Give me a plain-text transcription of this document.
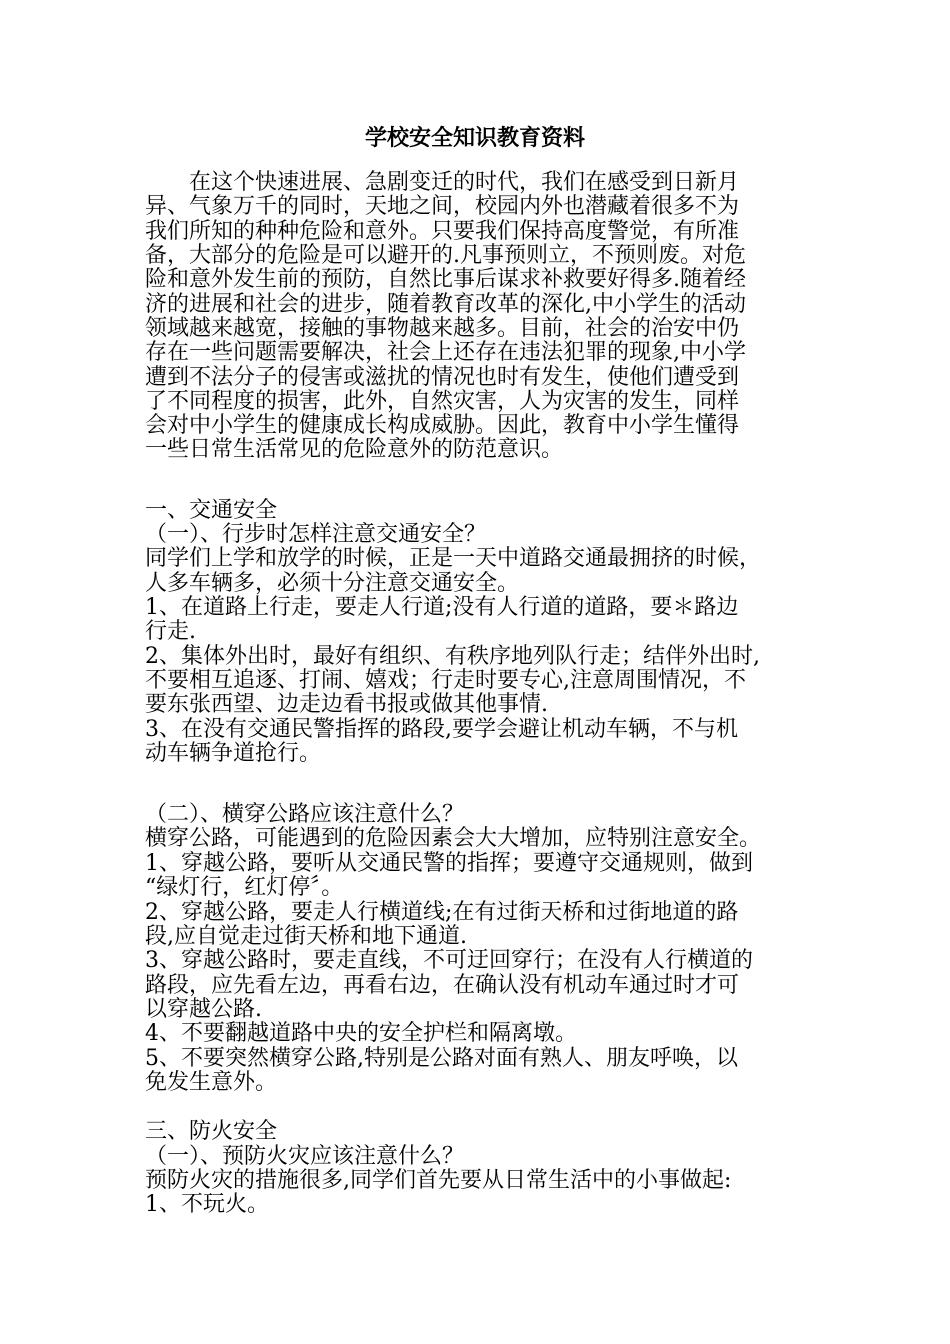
学校安全知识教育资料

　　在这个快速进展、急剧变迁的时代，我们在感受到日新月

异、气象万千的同时，天地之间，校园内外也潜藏着很多不为

我们所知的种种危险和意外。只要我们保持高度警觉，有所准

备，大部分的危险是可以避开的.凡事预则立，不预则废。对危

险和意外发生前的预防，自然比事后谋求补救要好得多.随着经

济的进展和社会的进步，随着教育改革的深化,中小学生的活动

领域越来越宽，接触的事物越来越多。目前，社会的治安中仍

存在一些问题需要解决，社会上还存在违法犯罪的现象,中小学

遭到不法分子的侵害或滋扰的情况也时有发生，使他们遭受到

了不同程度的损害，此外，自然灾害，人为灾害的发生，同样

会对中小学生的健康成长构成威胁。因此，教育中小学生懂得

一些日常生活常见的危险意外的防范意识。

一、交通安全

（一）、行步时怎样注意交通安全？

同学们上学和放学的时候，正是一天中道路交通最拥挤的时候，

人多车辆多，必须十分注意交通安全。

1、在道路上行走，要走人行道;没有人行道的道路，要＊路边

行走.

2、集体外出时，最好有组织、有秩序地列队行走；结伴外出时,

不要相互追逐、打闹、嬉戏；行走时要专心,注意周围情况，不

要东张西望、边走边看书报或做其他事情.

3、在没有交通民警指挥的路段,要学会避让机动车辆，不与机

动车辆争道抢行。

（二）、横穿公路应该注意什么？

横穿公路，可能遇到的危险因素会大大增加，应特别注意安全。

1、穿越公路，要听从交通民警的指挥；要遵守交通规则，做到

“绿灯行，红灯停〞。

2、穿越公路，要走人行横道线;在有过街天桥和过街地道的路

段,应自觉走过街天桥和地下通道.

3、穿越公路时，要走直线，不可迂回穿行；在没有人行横道的

路段，应先看左边，再看右边，在确认没有机动车通过时才可

以穿越公路.

4、不要翻越道路中央的安全护栏和隔离墩。

5、不要突然横穿公路,特别是公路对面有熟人、朋友呼唤，以

免发生意外。

三、防火安全

（一）、预防火灾应该注意什么？

预防火灾的措施很多,同学们首先要从日常生活中的小事做起:

1、不玩火。
